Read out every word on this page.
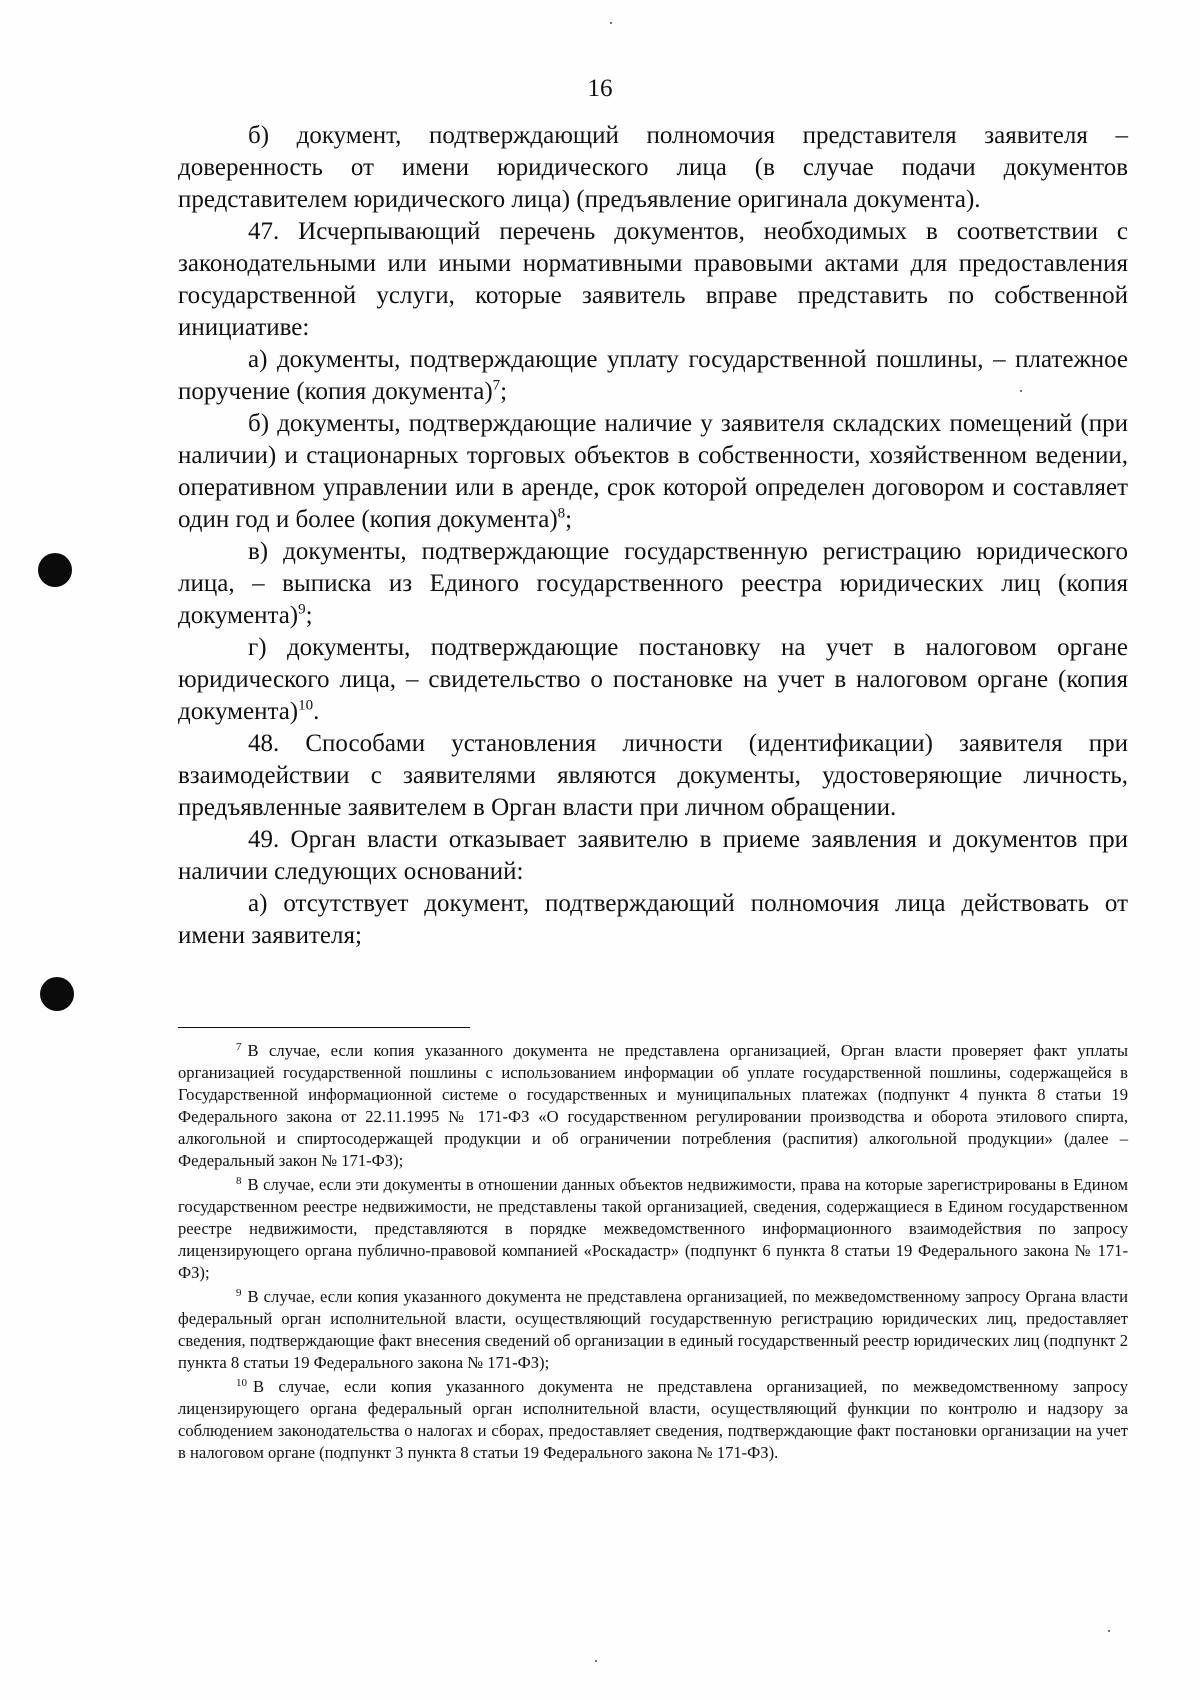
16

б) документ, подтверждающий полномочия представителя заявителя – доверенность от имени юридического лица (в случае подачи документов представителем юридического лица) (предъявление оригинала документа).

47. Исчерпывающий перечень документов, необходимых в соответствии с законодательными или иными нормативными правовыми актами для предоставления государственной услуги, которые заявитель вправе представить по собственной инициативе:

а) документы, подтверждающие уплату государственной пошлины, – платежное поручение (копия документа)$^7$;

б) документы, подтверждающие наличие у заявителя складских помещений (при наличии) и стационарных торговых объектов в собственности, хозяйственном ведении, оперативном управлении или в аренде, срок которой определен договором и составляет один год и более (копия документа)$^8$;

в) документы, подтверждающие государственную регистрацию юридического лица, – выписка из Единого государственного реестра юридических лиц (копия документа)$^9$;

г) документы, подтверждающие постановку на учет в налоговом органе юридического лица, – свидетельство о постановке на учет в налоговом органе (копия документа)$^{10}$.

48. Способами установления личности (идентификации) заявителя при взаимодействии с заявителями являются документы, удостоверяющие личность, предъявленные заявителем в Орган власти при личном обращении.

49. Орган власти отказывает заявителю в приеме заявления и документов при наличии следующих оснований:

а) отсутствует документ, подтверждающий полномочия лица действовать от имени заявителя;

$^7$ В случае, если копия указанного документа не представлена организацией, Орган власти проверяет факт уплаты организацией государственной пошлины с использованием информации об уплате государственной пошлины, содержащейся в Государственной информационной системе о государственных и муниципальных платежах (подпункт 4 пункта 8 статьи 19 Федерального закона от 22.11.1995 № 171-ФЗ «О государственном регулировании производства и оборота этилового спирта, алкогольной и спиртосодержащей продукции и об ограничении потребления (распития) алкогольной продукции» (далее – Федеральный закон № 171-ФЗ);

$^8$ В случае, если эти документы в отношении данных объектов недвижимости, права на которые зарегистрированы в Едином государственном реестре недвижимости, не представлены такой организацией, сведения, содержащиеся в Едином государственном реестре недвижимости, представляются в порядке межведомственного информационного взаимодействия по запросу лицензирующего органа публично-правовой компанией «Роскадастр» (подпункт 6 пункта 8 статьи 19 Федерального закона № 171-ФЗ);

$^9$ В случае, если копия указанного документа не представлена организацией, по межведомственному запросу Органа власти федеральный орган исполнительной власти, осуществляющий государственную регистрацию юридических лиц, предоставляет сведения, подтверждающие факт внесения сведений об организации в единый государственный реестр юридических лиц (подпункт 2 пункта 8 статьи 19 Федерального закона № 171-ФЗ);

$^{10}$ В случае, если копия указанного документа не представлена организацией, по межведомственному запросу лицензирующего органа федеральный орган исполнительной власти, осуществляющий функции по контролю и надзору за соблюдением законодательства о налогах и сборах, предоставляет сведения, подтверждающие факт постановки организации на учет в налоговом органе (подпункт 3 пункта 8 статьи 19 Федерального закона № 171-ФЗ).
